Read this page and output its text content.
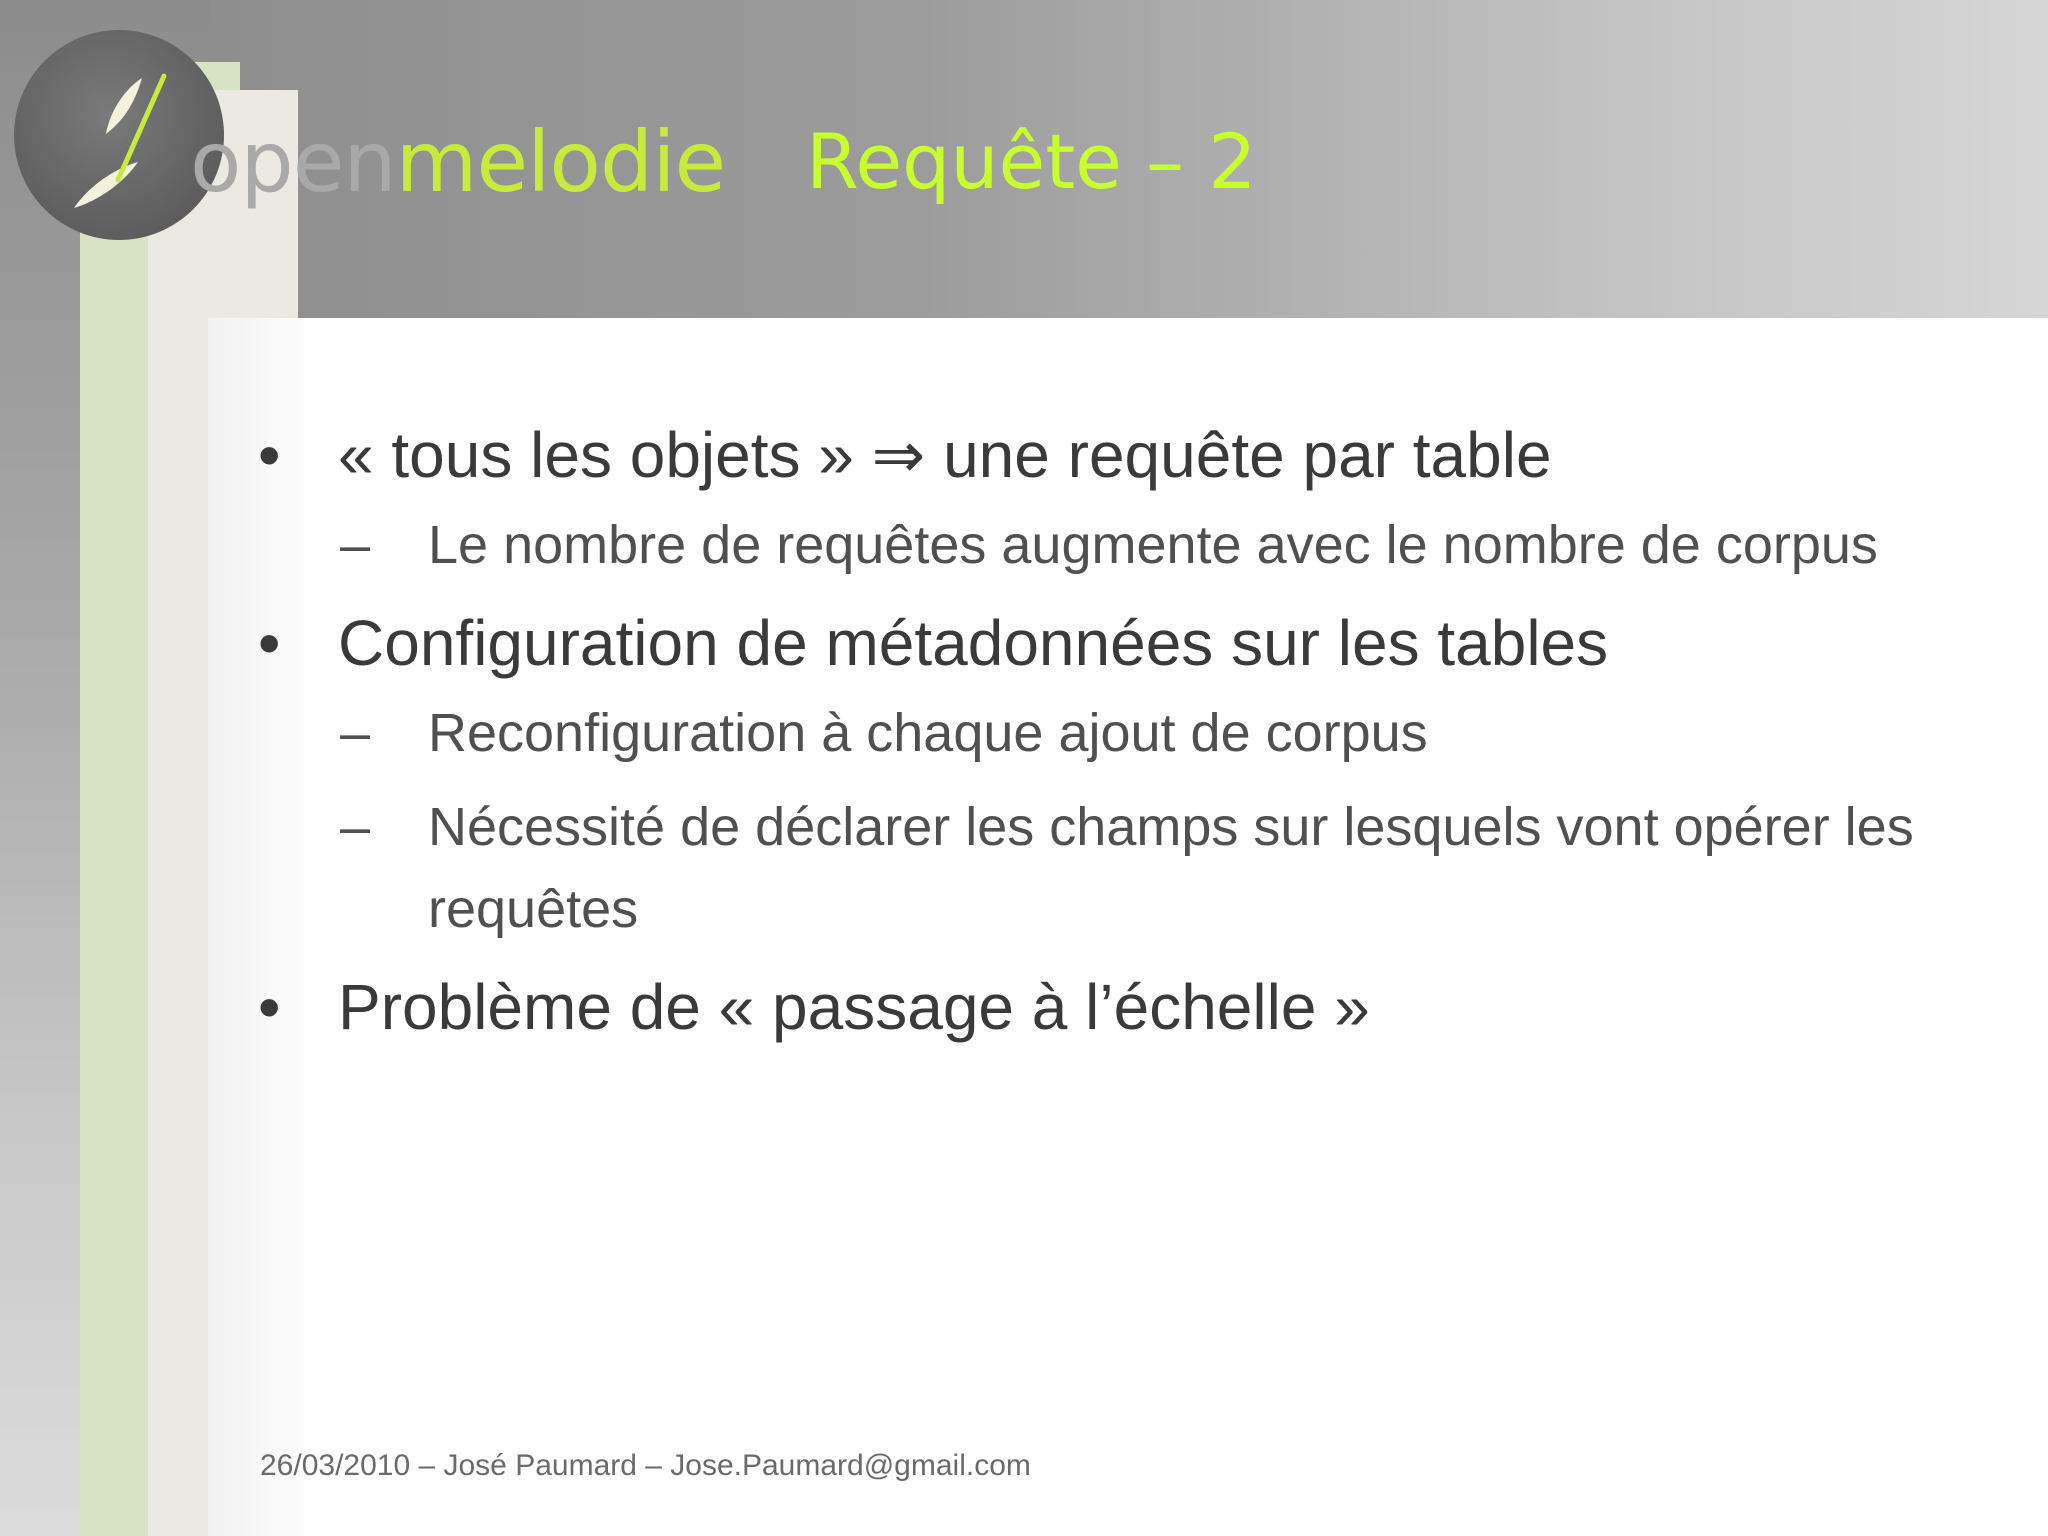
openmelodie Requête – 2
• « tous les objets » ⇒ une requête par table
– Le nombre de requêtes augmente avec le nombre de corpus
• Configuration de métadonnées sur les tables
– Reconfiguration à chaque ajout de corpus
– Nécessité de déclarer les champs sur lesquels vont opérer les requêtes
• Problème de « passage à l’échelle »
26/03/2010 – José Paumard – Jose.Paumard@gmail.com
